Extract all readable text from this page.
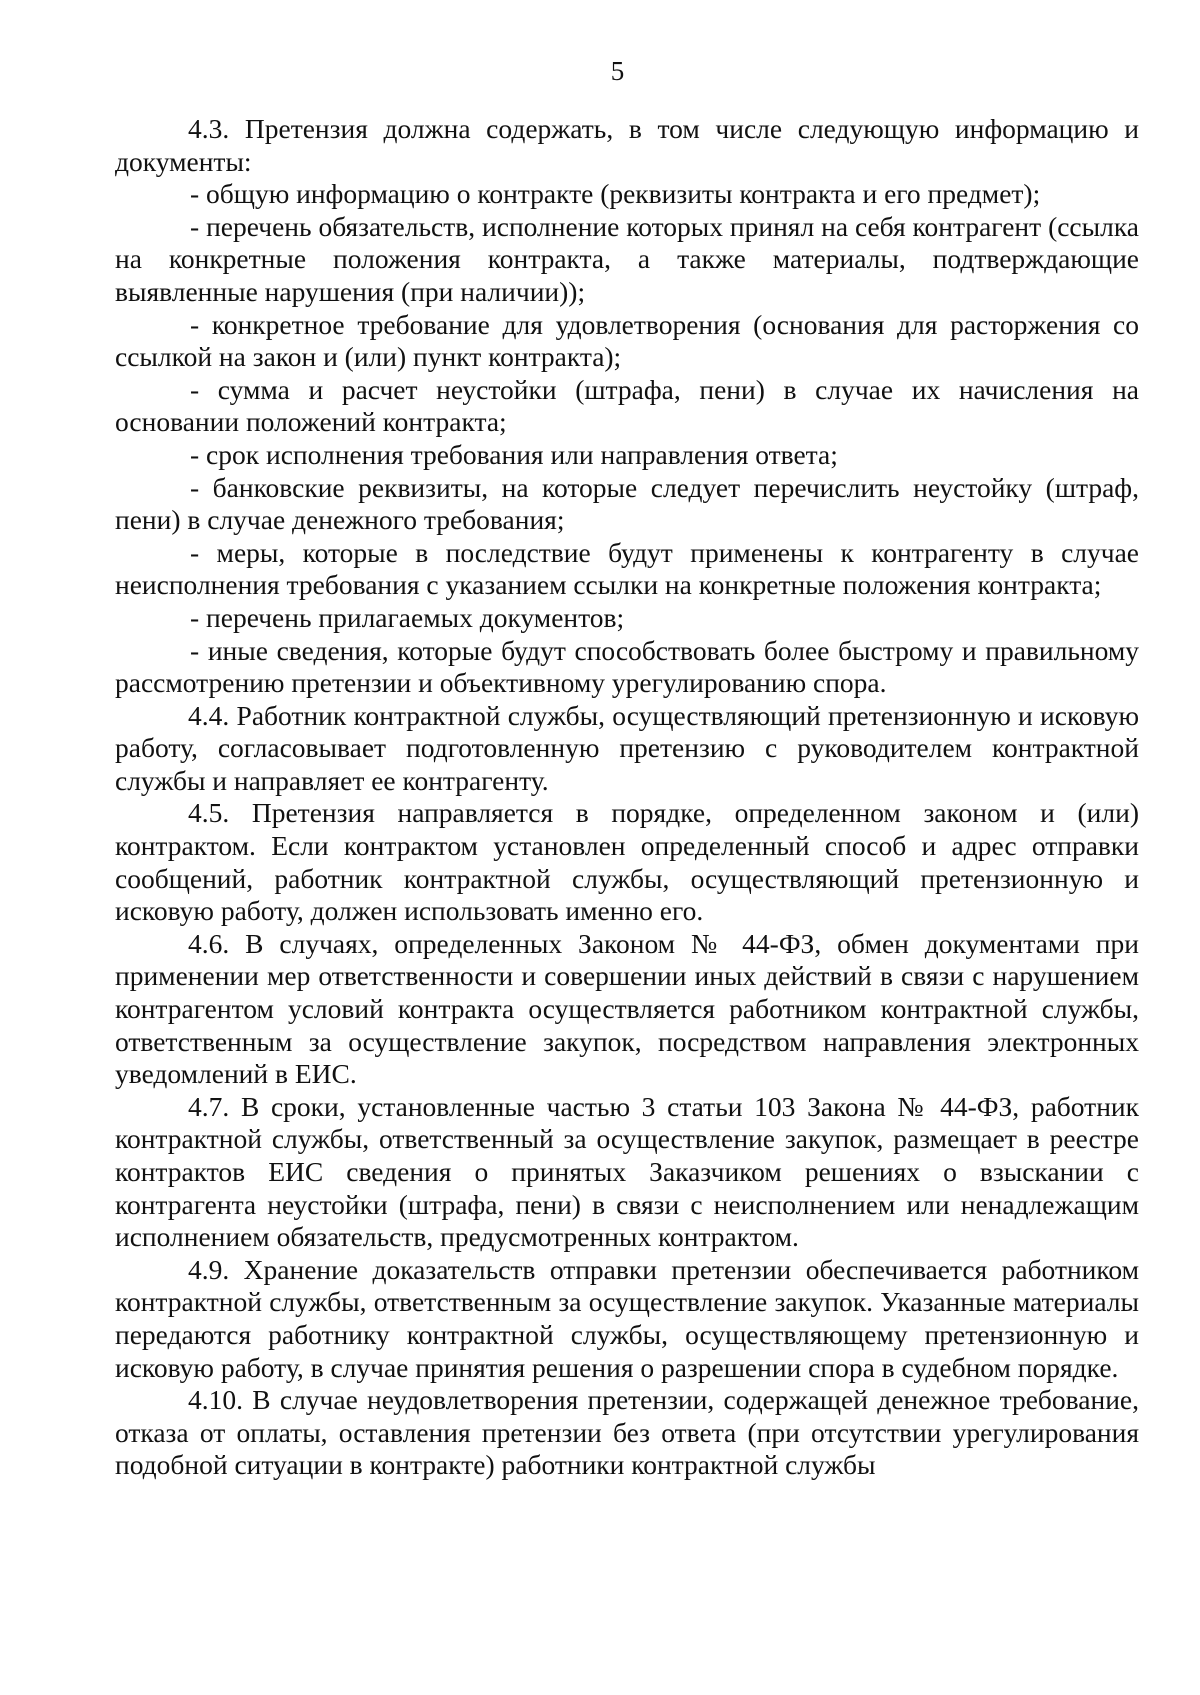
5

4.3. Претензия должна содержать, в том числе следующую информацию и документы:

- общую информацию о контракте (реквизиты контракта и его предмет);

- перечень обязательств, исполнение которых принял на себя контрагент (ссылка на конкретные положения контракта, а также материалы, подтверждающие выявленные нарушения (при наличии));

- конкретное требование для удовлетворения (основания для расторжения со ссылкой на закон и (или) пункт контракта);

- сумма и расчет неустойки (штрафа, пени) в случае их начисления на основании положений контракта;

- срок исполнения требования или направления ответа;

- банковские реквизиты, на которые следует перечислить неустойку (штраф, пени) в случае денежного требования;

- меры, которые в последствие будут применены к контрагенту в случае неисполнения требования с указанием ссылки на конкретные положения контракта;

- перечень прилагаемых документов;

- иные сведения, которые будут способствовать более быстрому и правильному рассмотрению претензии и объективному урегулированию спора.

4.4. Работник контрактной службы, осуществляющий претензионную и исковую работу, согласовывает подготовленную претензию с руководителем контрактной службы и направляет ее контрагенту.

4.5. Претензия направляется в порядке, определенном законом и (или) контрактом. Если контрактом установлен определенный способ и адрес отправки сообщений, работник контрактной службы, осуществляющий претензионную и исковую работу, должен использовать именно его.

4.6. В случаях, определенных Законом № 44-ФЗ, обмен документами при применении мер ответственности и совершении иных действий в связи с нарушением контрагентом условий контракта осуществляется работником контрактной службы, ответственным за осуществление закупок, посредством направления электронных уведомлений в ЕИС.

4.7. В сроки, установленные частью 3 статьи 103 Закона № 44-ФЗ, работник контрактной службы, ответственный за осуществление закупок, размещает в реестре контрактов ЕИС сведения о принятых Заказчиком решениях о взыскании с контрагента неустойки (штрафа, пени) в связи с неисполнением или ненадлежащим исполнением обязательств, предусмотренных контрактом.

4.9. Хранение доказательств отправки претензии обеспечивается работником контрактной службы, ответственным за осуществление закупок. Указанные материалы передаются работнику контрактной службы, осуществляющему претензионную и исковую работу, в случае принятия решения о разрешении спора в судебном порядке.

4.10. В случае неудовлетворения претензии, содержащей денежное требование, отказа от оплаты, оставления претензии без ответа (при отсутствии урегулирования подобной ситуации в контракте) работники контрактной службы
